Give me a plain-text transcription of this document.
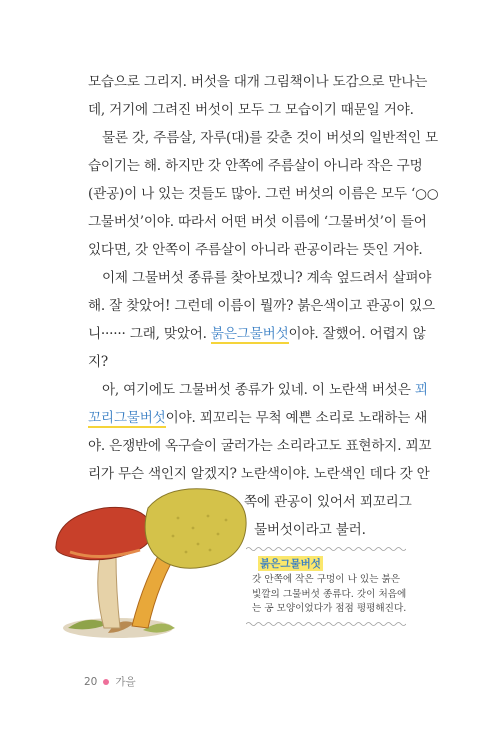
모습으로 그리지. 버섯을 대개 그림책이나 도감으로 만나는
데, 거기에 그려진 버섯이 모두 그 모습이기 때문일 거야.
물론 갓, 주름살, 자루(대)를 갖춘 것이 버섯의 일반적인 모
습이기는 해. 하지만 갓 안쪽에 주름살이 아니라 작은 구멍
(관공)이 나 있는 것들도 많아. 그런 버섯의 이름은 모두 ‘○○
그물버섯’이야. 따라서 어떤 버섯 이름에 ‘그물버섯’이 들어
있다면, 갓 안쪽이 주름살이 아니라 관공이라는 뜻인 거야.
이제 그물버섯 종류를 찾아보겠니? 계속 엎드려서 살펴야
해. 잘 찾았어! 그런데 이름이 뭘까? 붉은색이고 관공이 있으
니······ 그래, 맞았어. 붉은그물버섯이야. 잘했어. 어렵지 않
지?
아, 여기에도 그물버섯 종류가 있네. 이 노란색 버섯은 꾀
꼬리그물버섯이야. 꾀꼬리는 무척 예쁜 소리로 노래하는 새
야. 은쟁반에 옥구슬이 굴러가는 소리라고도 표현하지. 꾀꼬
리가 무슨 색인지 알겠지? 노란색이야. 노란색인 데다 갓 안
쪽에 관공이 있어서 꾀꼬리그
물버섯이라고 불러.
붉은그물버섯
갓 안쪽에 작은 구멍이 나 있는 붉은 빛깔의 그물버섯 종류다. 갓이 처음에는 공 모양이었다가 점점 평평해진다.
20 가을
